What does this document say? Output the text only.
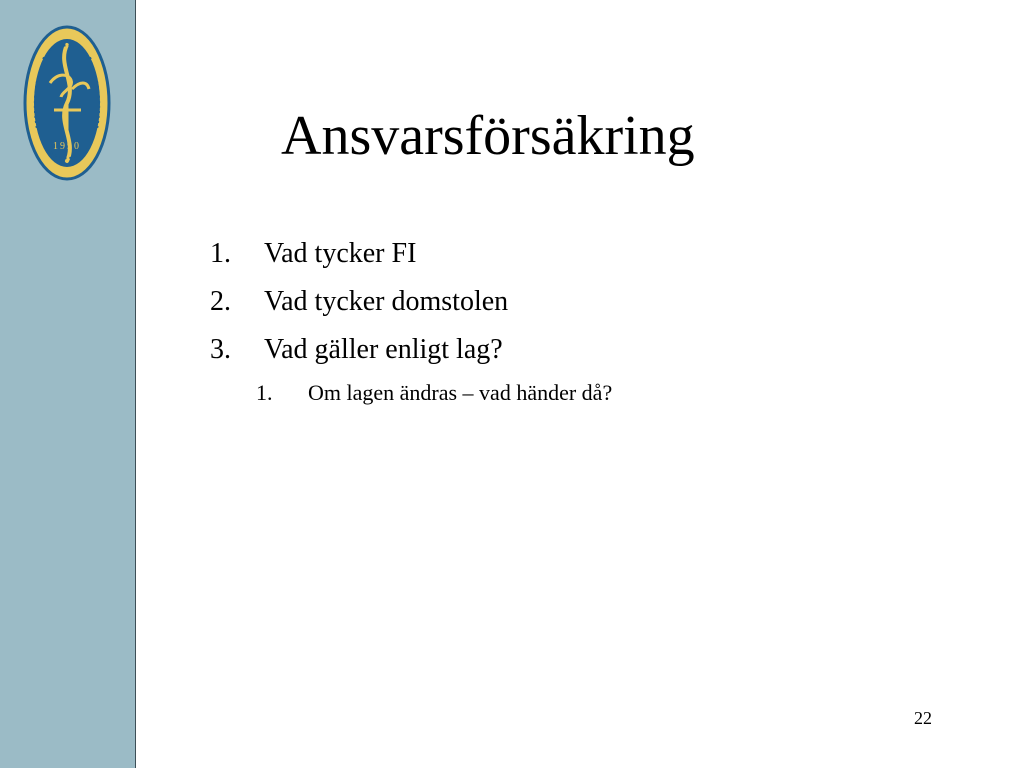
1990	Ansvarsförsäkring
1.	Vad tycker FI
2.	Vad tycker domstolen
3.	Vad gäller enligt lag?
1.	Om lagen ändras – vad händer då?
22
